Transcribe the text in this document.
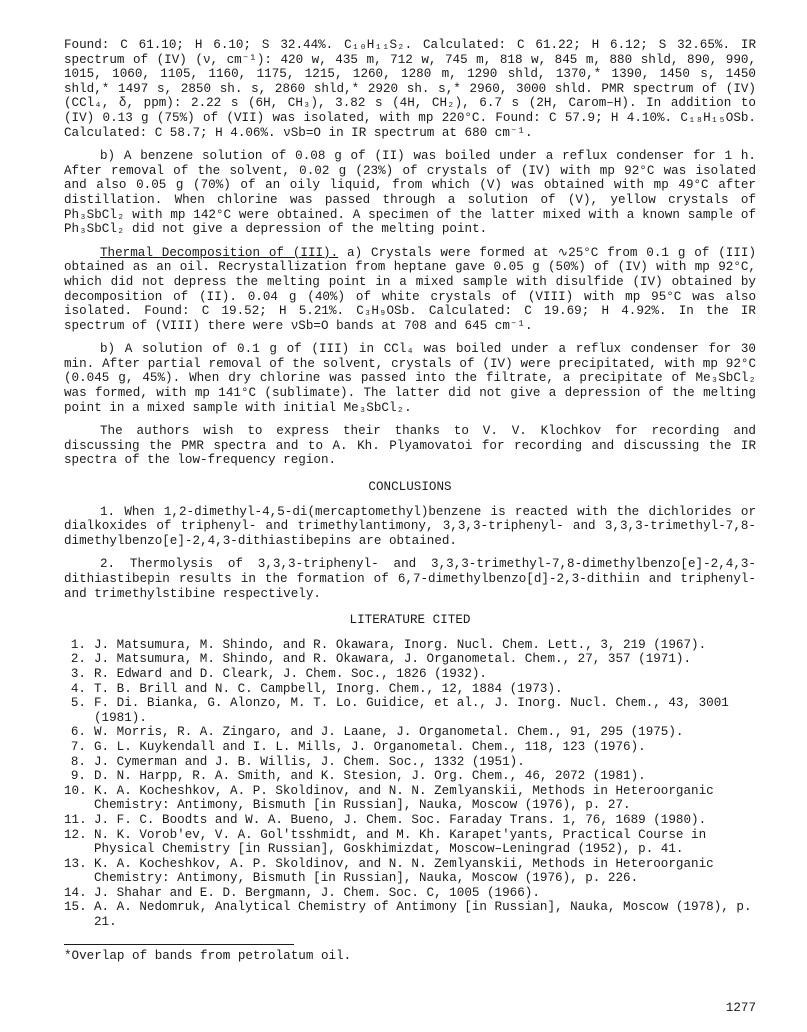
Found: C 61.10; H 6.10; S 32.44%. C₁₀H₁₁S₂. Calculated: C 61.22; H 6.12; S 32.65%. IR spectrum of (IV) (ν, cm⁻¹): 420 w, 435 m, 712 w, 745 m, 818 w, 845 m, 880 shld, 890, 990, 1015, 1060, 1105, 1160, 1175, 1215, 1260, 1280 m, 1290 shld, 1370,* 1390, 1450 s, 1450 shld,* 1497 s, 2850 sh. s, 2860 shld,* 2920 sh. s,* 2960, 3000 shld. PMR spectrum of (IV) (CCl₄, δ, ppm): 2.22 s (6H, CH₃), 3.82 s (4H, CH₂), 6.7 s (2H, Carom–H). In addition to (IV) 0.13 g (75%) of (VII) was isolated, with mp 220°C. Found: C 57.9; H 4.10%. C₁₈H₁₅OSb. Calculated: C 58.7; H 4.06%. νSb=O in IR spectrum at 680 cm⁻¹.

b) A benzene solution of 0.08 g of (II) was boiled under a reflux condenser for 1 h. After removal of the solvent, 0.02 g (23%) of crystals of (IV) with mp 92°C was isolated and also 0.05 g (70%) of an oily liquid, from which (V) was obtained with mp 49°C after distillation. When chlorine was passed through a solution of (V), yellow crystals of Ph₃SbCl₂ with mp 142°C were obtained. A specimen of the latter mixed with a known sample of Ph₃SbCl₂ did not give a depression of the melting point.

Thermal Decomposition of (III). a) Crystals were formed at ∿25°C from 0.1 g of (III) obtained as an oil. Recrystallization from heptane gave 0.05 g (50%) of (IV) with mp 92°C, which did not depress the melting point in a mixed sample with disulfide (IV) obtained by decomposition of (II). 0.04 g (40%) of white crystals of (VIII) with mp 95°C was also isolated. Found: C 19.52; H 5.21%. C₃H₉OSb. Calculated: C 19.69; H 4.92%. In the IR spectrum of (VIII) there were νSb=O bands at 708 and 645 cm⁻¹.

b) A solution of 0.1 g of (III) in CCl₄ was boiled under a reflux condenser for 30 min. After partial removal of the solvent, crystals of (IV) were precipitated, with mp 92°C (0.045 g, 45%). When dry chlorine was passed into the filtrate, a precipitate of Me₃SbCl₂ was formed, with mp 141°C (sublimate). The latter did not give a depression of the melting point in a mixed sample with initial Me₃SbCl₂.

The authors wish to express their thanks to V. V. Klochkov for recording and discussing the PMR spectra and to A. Kh. Plyamovatoi for recording and discussing the IR spectra of the low-frequency region.

CONCLUSIONS

1. When 1,2-dimethyl-4,5-di(mercaptomethyl)benzene is reacted with the dichlorides or dialkoxides of triphenyl- and trimethylantimony, 3,3,3-triphenyl- and 3,3,3-trimethyl-7,8-dimethylbenzo[e]-2,4,3-dithiastibepins are obtained.

2. Thermolysis of 3,3,3-triphenyl- and 3,3,3-trimethyl-7,8-dimethylbenzo[e]-2,4,3-dithiastibepin results in the formation of 6,7-dimethylbenzo[d]-2,3-dithiin and triphenyl- and trimethylstibine respectively.

LITERATURE CITED
1. J. Matsumura, M. Shindo, and R. Okawara, Inorg. Nucl. Chem. Lett., 3, 219 (1967).
2. J. Matsumura, M. Shindo, and R. Okawara, J. Organometal. Chem., 27, 357 (1971).
3. R. Edward and D. Cleark, J. Chem. Soc., 1826 (1932).
4. T. B. Brill and N. C. Campbell, Inorg. Chem., 12, 1884 (1973).
5. F. Di. Bianka, G. Alonzo, M. T. Lo. Guidice, et al., J. Inorg. Nucl. Chem., 43, 3001 (1981).
6. W. Morris, R. A. Zingaro, and J. Laane, J. Organometal. Chem., 91, 295 (1975).
7. G. L. Kuykendall and I. L. Mills, J. Organometal. Chem., 118, 123 (1976).
8. J. Cymerman and J. B. Willis, J. Chem. Soc., 1332 (1951).
9. D. N. Harpp, R. A. Smith, and K. Stesion, J. Org. Chem., 46, 2072 (1981).
10. K. A. Kocheshkov, A. P. Skoldinov, and N. N. Zemlyanskii, Methods in Heteroorganic Chemistry: Antimony, Bismuth [in Russian], Nauka, Moscow (1976), p. 27.
11. J. F. C. Boodts and W. A. Bueno, J. Chem. Soc. Faraday Trans. 1, 76, 1689 (1980).
12. N. K. Vorob'ev, V. A. Gol'tsshmidt, and M. Kh. Karapet'yants, Practical Course in Physical Chemistry [in Russian], Goskhimizdat, Moscow–Leningrad (1952), p. 41.
13. K. A. Kocheshkov, A. P. Skoldinov, and N. N. Zemlyanskii, Methods in Heteroorganic Chemistry: Antimony, Bismuth [in Russian], Nauka, Moscow (1976), p. 226.
14. J. Shahar and E. D. Bergmann, J. Chem. Soc. C, 1005 (1966).
15. A. A. Nedomruk, Analytical Chemistry of Antimony [in Russian], Nauka, Moscow (1978), p. 21.

*Overlap of bands from petrolatum oil.

1277
